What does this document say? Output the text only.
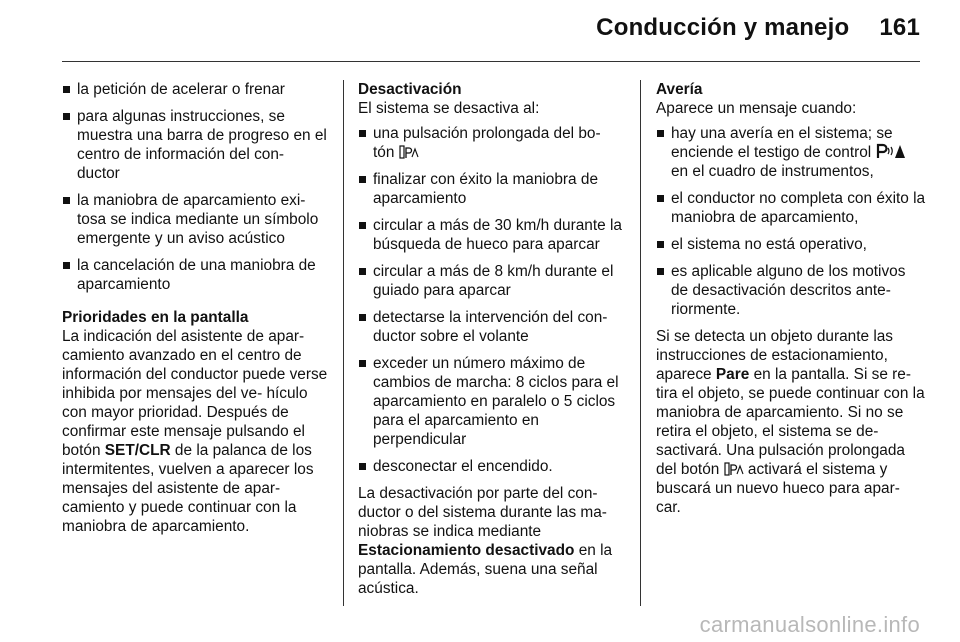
Conducción y manejo 161
la petición de acelerar o frenar
para algunas instrucciones, se muestra una barra de progreso en el centro de información del con- ductor
la maniobra de aparcamiento exi- tosa se indica mediante un símbolo emergente y un aviso acústico
la cancelación de una maniobra de aparcamiento
Prioridades en la pantalla

La indicación del asistente de apar- camiento avanzado en el centro de información del conductor puede verse inhibida por mensajes del ve- hículo con mayor prioridad. Después de confirmar este mensaje pulsando el botón SET/CLR de la palanca de los intermitentes, vuelven a aparecer los mensajes del asistente de apar- camiento y puede continuar con la maniobra de aparcamiento.

Desactivación

El sistema se desactiva al:

una pulsación prolongada del bo- tón
finalizar con éxito la maniobra de aparcamiento
circular a más de 30 km/h durante la búsqueda de hueco para aparcar
circular a más de 8 km/h durante el guiado para aparcar
detectarse la intervención del con- ductor sobre el volante
exceder un número máximo de cambios de marcha: 8 ciclos para el aparcamiento en paralelo o 5 ciclos para el aparcamiento en perpendicular
desconectar el encendido.

La desactivación por parte del con- ductor o del sistema durante las ma- niobras se indica mediante Estacionamiento desactivado en la pantalla. Además, suena una señal acústica.

Avería

Aparece un mensaje cuando:

hay una avería en el sistema; se enciende el testigo de control  en el cuadro de instrumentos,
el conductor no completa con éxito la maniobra de aparcamiento,
el sistema no está operativo,
es aplicable alguno de los motivos de desactivación descritos ante- riormente.

Si se detecta un objeto durante las instrucciones de estacionamiento, aparece Pare en la pantalla. Si se re- tira el objeto, se puede continuar con la maniobra de aparcamiento. Si no se retira el objeto, el sistema se de- sactivará. Una pulsación prolongada del botón activará el sistema y buscará un nuevo hueco para apar- car.

carmanualsonline.info
